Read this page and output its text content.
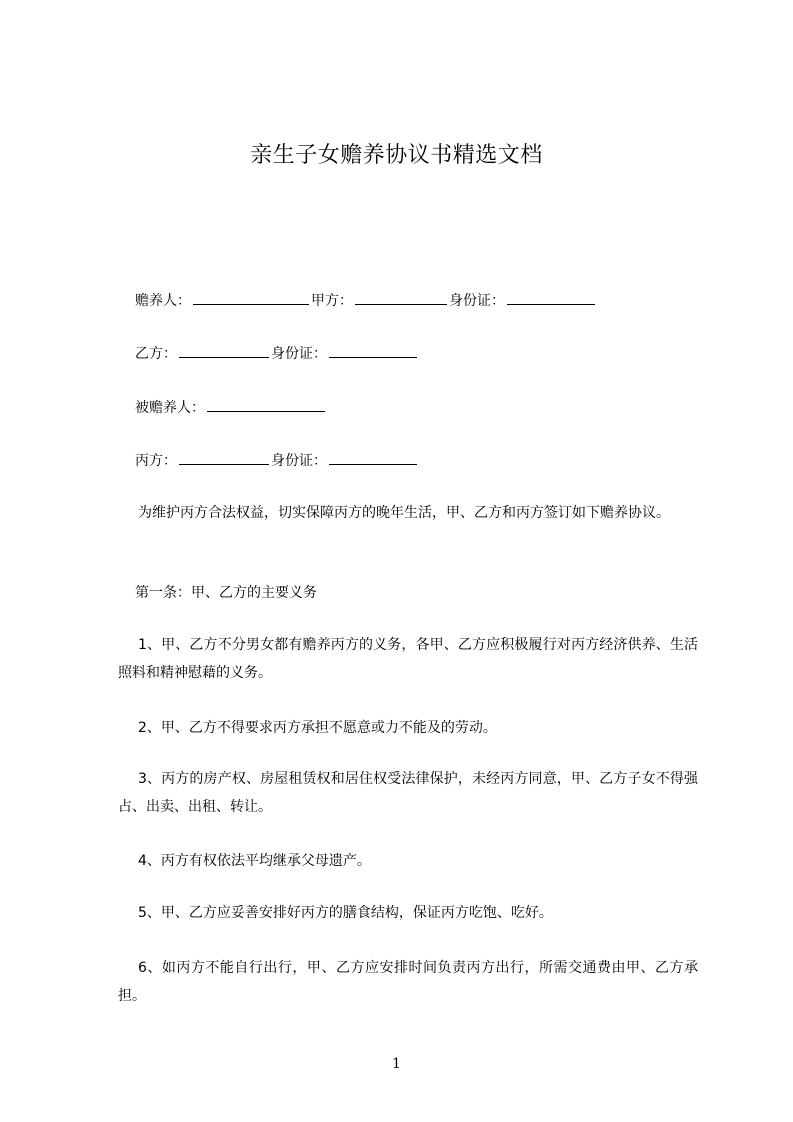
亲生子女赡养协议书精选文档
赡养人：	甲方：	身份证：
乙方：	身份证：
被赡养人：
丙方：	身份证：
为维护丙方合法权益，切实保障丙方的晚年生活，甲、乙方和丙方签订如下赡养协议。
第一条：甲、乙方的主要义务
1、甲、乙方不分男女都有赡养丙方的义务，各甲、乙方应积极履行对丙方经济供养、生活照料和精神慰藉的义务。
2、甲、乙方不得要求丙方承担不愿意或力不能及的劳动。
3、丙方的房产权、房屋租赁权和居住权受法律保护，未经丙方同意，甲、乙方子女不得强占、出卖、出租、转让。
4、丙方有权依法平均继承父母遗产。
5、甲、乙方应妥善安排好丙方的膳食结构，保证丙方吃饱、吃好。
6、如丙方不能自行出行，甲、乙方应安排时间负责丙方出行，所需交通费由甲、乙方承担。
1
